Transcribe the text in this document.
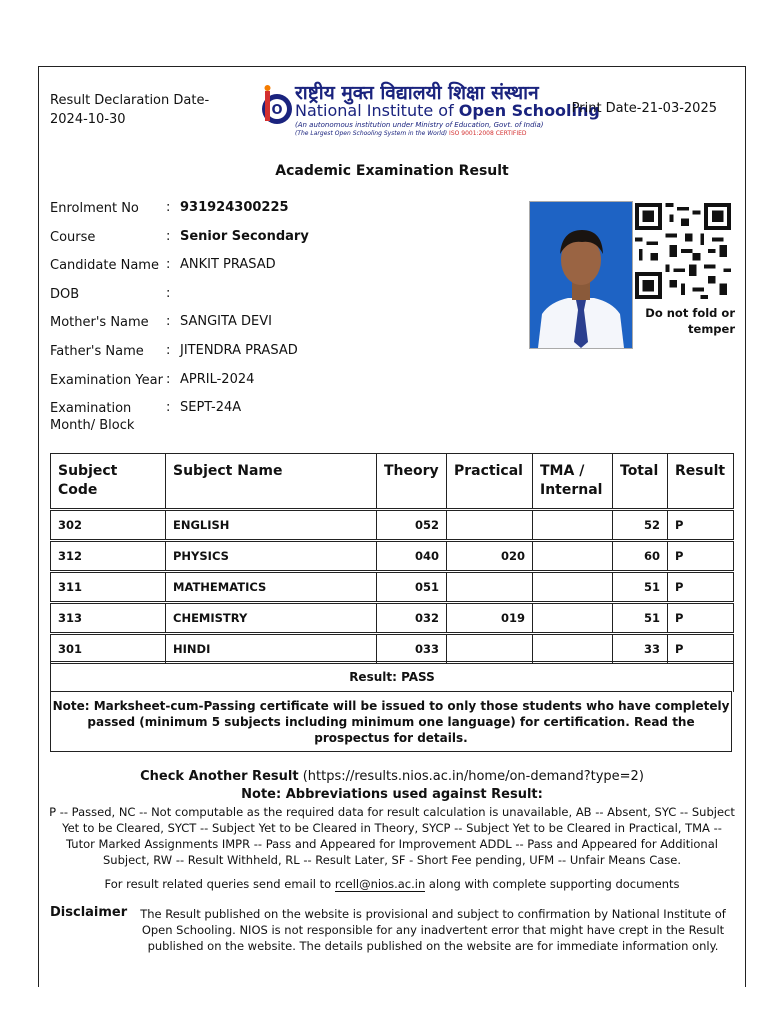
Result Declaration Date-
2024-10-30
O
राष्ट्रीय मुक्त विद्यालयी शिक्षा संस्थान
National Institute of Open Schooling
(An autonomous institution under Ministry of Education, Govt. of India)
(The Largest Open Schooling System in the World) ISO 9001:2008 CERTIFIED
Print Date-21-03-2025
Academic Examination Result
Enrolment No	: 931924300225
Course	: Senior Secondary
Candidate Name : ANKIT PRASAD
DOB	:
Mother's Name	: SANGITA DEVI
Father's Name	: JITENDRA PRASAD
Examination Year : APRIL-2024
Examination Month/ Block
: SEPT-24A
Do not fold or temper
Subject Code	Subject Name	Theory	Practical	TMA / Internal	Total	Result
302	ENGLISH	052			52	P
312	PHYSICS	040	020		60	P
311	MATHEMATICS	051			51	P
313	CHEMISTRY	032	019		51	P
301	HINDI	033			33	P
Result: PASS
Note: Marksheet-cum-Passing certificate will be issued to only those students who have completely passed (minimum 5 subjects including minimum one language) for certification. Read the prospectus for details.
Check Another Result (https://results.nios.ac.in/home/on-demand?type=2)
Note: Abbreviations used against Result:
P -- Passed, NC -- Not computable as the required data for result calculation is unavailable, AB -- Absent, SYC -- Subject Yet to be Cleared, SYCT -- Subject Yet to be Cleared in Theory, SYCP -- Subject Yet to be Cleared in Practical, TMA -- Tutor Marked Assignments IMPR -- Pass and Appeared for Improvement ADDL -- Pass and Appeared for Additional Subject, RW -- Result Withheld, RL -- Result Later, SF - Short Fee pending, UFM -- Unfair Means Case.
For result related queries send email to rcell@nios.ac.in along with complete supporting documents
Disclaimer	The Result published on the website is provisional and subject to confirmation by National Institute of Open Schooling. NIOS is not responsible for any inadvertent error that might have crept in the Result published on the website. The details published on the website are for immediate information only.
